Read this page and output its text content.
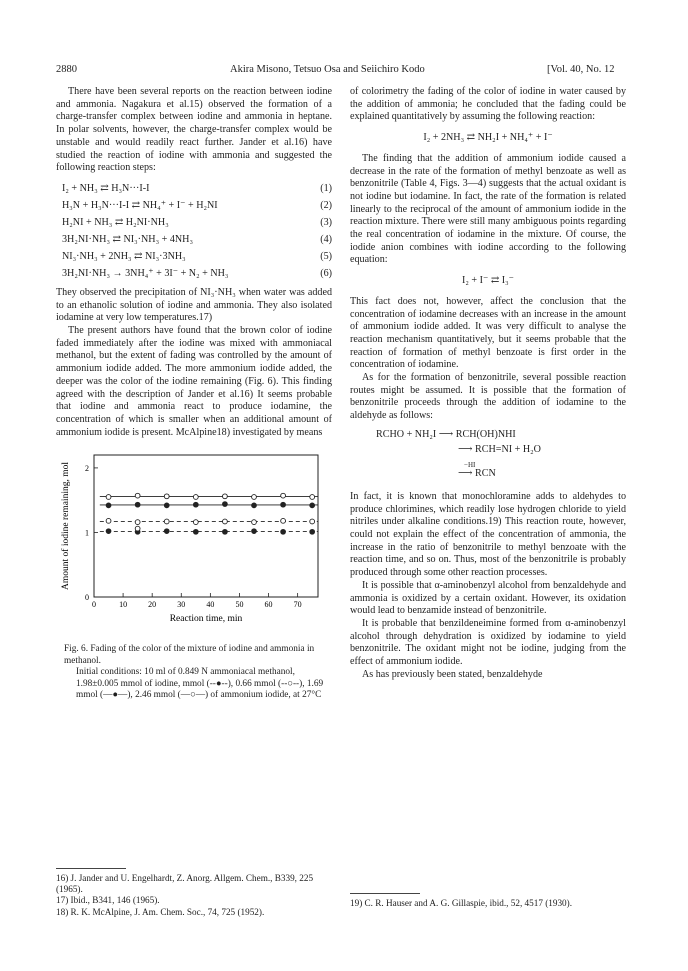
2880	Akira Misono, Tetsuo Osa and Seiichiro Kodo	[Vol. 40, No. 12

There have been several reports on the reaction between iodine and ammonia. Nagakura et al.15) observed the formation of a charge-transfer complex between iodine and ammonia in heptane. In polar solvents, however, the charge-transfer complex would be unstable and would readily react further. Jander et al.16) have studied the reaction of iodine with ammonia and suggested the following reaction steps:

I₂ + NH₃ ⇄ H₃N···I-I	(1)
H₃N + H₃N···I-I ⇄ NH₄⁺ + I⁻ + H₂NI	(2)
H₂NI + NH₃ ⇄ H₂NI·NH₃	(3)
3H₂NI·NH₃ ⇄ NI₃·NH₃ + 4NH₃	(4)
NI₃·NH₃ + 2NH₃ ⇄ NI₃·3NH₃	(5)
3H₂NI·NH₃ → 3NH₄⁺ + 3I⁻ + N₂ + NH₃	(6)

They observed the precipitation of NI₃·NH₃ when water was added to an ethanolic solution of iodine and ammonia. They also isolated iodamine at very low temperatures.17)

The present authors have found that the brown color of iodine faded immediately after the iodine was mixed with ammoniacal methanol, but the extent of fading was controlled by the amount of ammonium iodide added. The more ammonium iodide added, the deeper was the color of the iodine remaining (Fig. 6). This finding agreed with the description of Jander et al.16) It seems probable that iodine and ammonia react to produce iodamine, the concentration of which is smaller when an additional amount of ammonium iodide is present. McAlpine18) investigated by means

0	10	20	30	40	50	60	70
0
1
2
Reaction time, min
Amount of iodine remaining, mol
Fig. 6. Fading of the color of the mixture of iodine and ammonia in methanol.
Initial conditions: 10 ml of 0.849 N ammoniacal methanol, 1.98±0.005 mmol of iodine, mmol (--●--), 0.66 mmol (--○--), 1.69 mmol (—●—), 2.46 mmol (—○—) of ammonium iodide, at 27°C
16) J. Jander and U. Engelhardt, Z. Anorg. Allgem. Chem., B339, 225 (1965).
17) Ibid., B341, 146 (1965).
18) R. K. McAlpine, J. Am. Chem. Soc., 74, 725 (1952).

of colorimetry the fading of the color of iodine in water caused by the addition of ammonia; he concluded that the fading could be explained quantitatively by assuming the following reaction:

I₂ + 2NH₃ ⇄ NH₂I + NH₄⁺ + I⁻

The finding that the addition of ammonium iodide caused a decrease in the rate of the formation of methyl benzoate as well as benzonitrile (Table 4, Figs. 3—4) suggests that the actual oxidant is not iodine but iodamine. In fact, the rate of the formation is related linearly to the reciprocal of the amount of ammonium iodide in the reaction mixture. There were still many ambiguous points regarding the real concentration of iodamine in the mixture. Of course, the iodide anion combines with iodine according to the following equation:

I₂ + I⁻ ⇄ I₃⁻

This fact does not, however, affect the conclusion that the concentration of iodamine decreases with an increase in the amount of ammonium iodide added. It was very difficult to analyse the reaction mechanism quantitatively, but it seems probable that the reaction of formation of methyl benzoate is first order in the concentration of iodamine.

As for the formation of benzonitrile, several possible reaction routes might be assumed. It is possible that the formation of benzonitrile proceeds through the addition of iodamine to the aldehyde as follows:

RCHO + NH₂I ⟶ RCH(OH)NHI
⟶ RCH=NI + H₂O
−HI
⟶ RCN

In fact, it is known that monochloramine adds to aldehydes to produce chlorimines, which readily lose hydrogen chloride to yield nitriles under alkaline conditions.19) This reaction route, however, could not explain the effect of the concentration of ammonia, the increase in the ratio of benzonitrile to methyl benzoate with the reaction time, and so on. Thus, most of the benzonitrile is probably produced through some other reaction processes.

It is possible that α-aminobenzyl alcohol from benzaldehyde and ammonia is oxidized by a certain oxidant. However, its oxidation would lead to benzamide instead of benzonitrile.

It is probable that benzildeneimine formed from α-aminobenzyl alcohol through dehydration is oxidized by iodamine to yield benzonitrile. The oxidant might not be iodine, judging from the effect of ammonium iodide.

As has previously been stated, benzaldehyde

19) C. R. Hauser and A. G. Gillaspie, ibid., 52, 4517 (1930).
